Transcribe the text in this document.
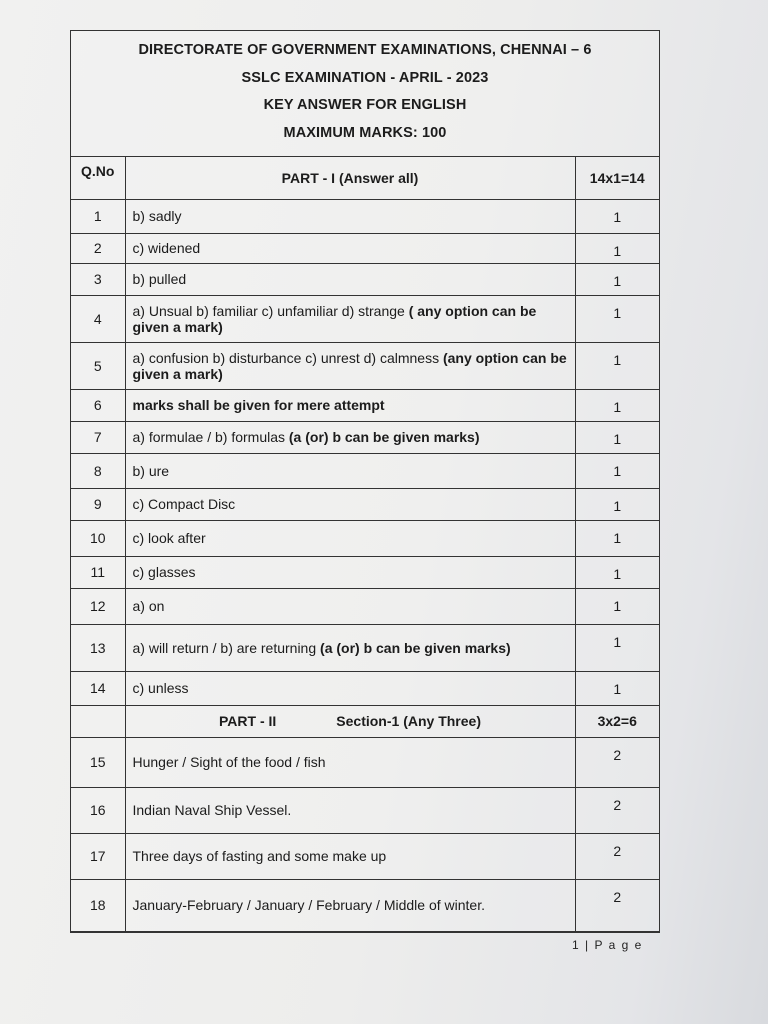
DIRECTORATE OF GOVERNMENT EXAMINATIONS, CHENNAI – 6
SSLC EXAMINATION - APRIL - 2023
KEY ANSWER FOR ENGLISH
MAXIMUM MARKS: 100
Q.No	PART - I (Answer all)	14x1=14
1	b) sadly	1
2	c) widened	1
3	b) pulled	1
4	a) Unsual b) familiar c) unfamiliar d) strange ( any option can be given a mark)	1
5	a) confusion b) disturbance c) unrest d) calmness (any option can be given a mark)	1
6	marks shall be given for mere attempt	1
7	a) formulae / b) formulas (a (or) b can be given marks)	1
8	b) ure	1
9	c) Compact Disc	1
10	c) look after	1
11	c) glasses	1
12	a) on	1
13	a) will return / b) are returning (a (or) b can be given marks)	1
14	c) unless	1
	PART - II Section-1 (Any Three)	3x2=6
15	Hunger / Sight of the food / fish	2
16	Indian Naval Ship Vessel.	2
17	Three days of fasting and some make up	2
18	January-February / January / February / Middle of winter.	2
1 | P a g e
